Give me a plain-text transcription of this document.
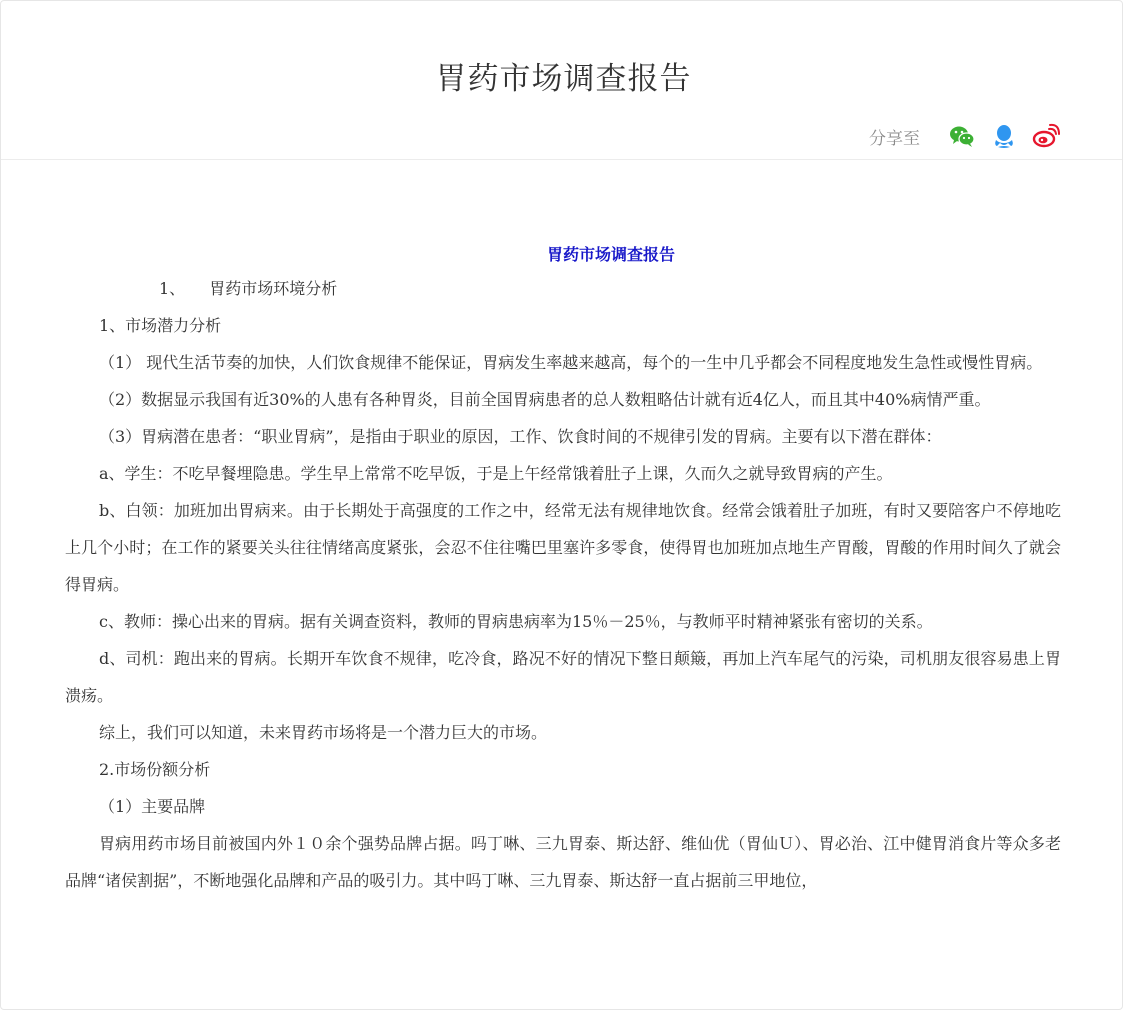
胃药市场调查报告
分享至
胃药市场调查报告

1、 胃药市场环境分析

1、市场潜力分析

（1） 现代生活节奏的加快，人们饮食规律不能保证，胃病发生率越来越高，每个的一生中几乎都会不同程度地发生急性或慢性胃病。

（2）数据显示我国有近30%的人患有各种胃炎，目前全国胃病患者的总人数粗略估计就有近4亿人，而且其中40%病情严重。

（3）胃病潜在患者：“职业胃病”，是指由于职业的原因，工作、饮食时间的不规律引发的胃病。主要有以下潜在群体：

a、学生：不吃早餐埋隐患。学生早上常常不吃早饭，于是上午经常饿着肚子上课，久而久之就导致胃病的产生。

b、白领：加班加出胃病来。由于长期处于高强度的工作之中，经常无法有规律地饮食。经常会饿着肚子加班，有时又要陪客户不停地吃上几个小时；在工作的紧要关头往往情绪高度紧张，会忍不住往嘴巴里塞许多零食，使得胃也加班加点地生产胃酸，胃酸的作用时间久了就会得胃病。

c、教师：操心出来的胃病。据有关调查资料，教师的胃病患病率为15％－25％，与教师平时精神紧张有密切的关系。

d、司机：跑出来的胃病。长期开车饮食不规律，吃冷食，路况不好的情况下整日颠簸，再加上汽车尾气的污染，司机朋友很容易患上胃溃疡。

综上，我们可以知道，未来胃药市场将是一个潜力巨大的市场。

2.市场份额分析

（1）主要品牌

胃病用药市场目前被国内外１０余个强势品牌占据。吗丁啉、三九胃泰、斯达舒、维仙优（胃仙Ｕ）、胃必治、江中健胃消食片等众多老品牌“诸侯割据”，不断地强化品牌和产品的吸引力。其中吗丁啉、三九胃泰、斯达舒一直占据前三甲地位，
